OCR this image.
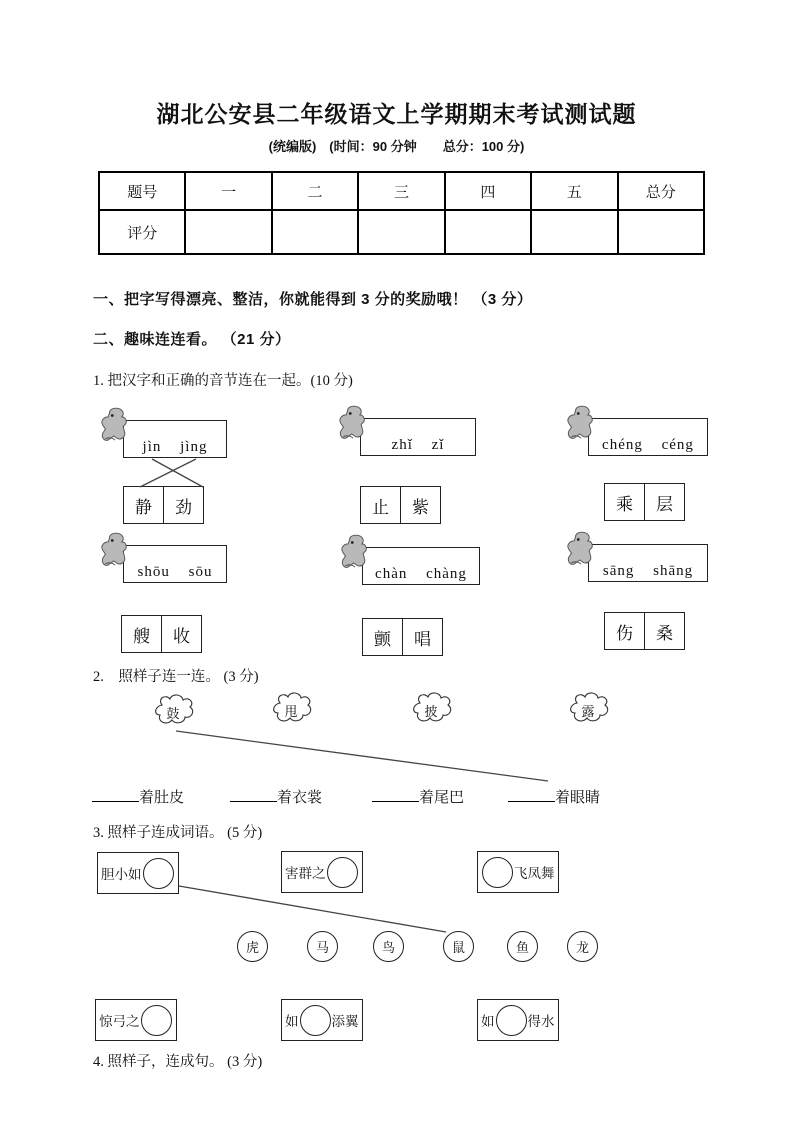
湖北公安县二年级语文上学期期末考试测试题
(统编版)　(时间：90 分钟　　总分：100 分)
题号	一	二	三	四	五	总分
评分						
一、把字写得漂亮、整洁，你就能得到 3 分的奖励哦！ （3 分）
二、趣味连连看。 （21 分）
1. 把汉字和正确的音节连在一起。(10 分)
jìn jìng	zhǐ zǐ	chéng céng
静	劲	止	紫	乘	层
shōu sōu	chàn chàng	sāng shāng
艘	收	颤	唱	伤	桑
2.　照样子连一连。 (3 分)
鼓	甩	披	露
着肚皮	着衣裳	着尾巴	着眼睛
3. 照样子连成词语。 (5 分)
胆小如	害群之	飞凤舞
虎	马	鸟	鼠	鱼	龙
惊弓之	如 添翼	如 得水
4. 照样子，连成句。 (3 分)
